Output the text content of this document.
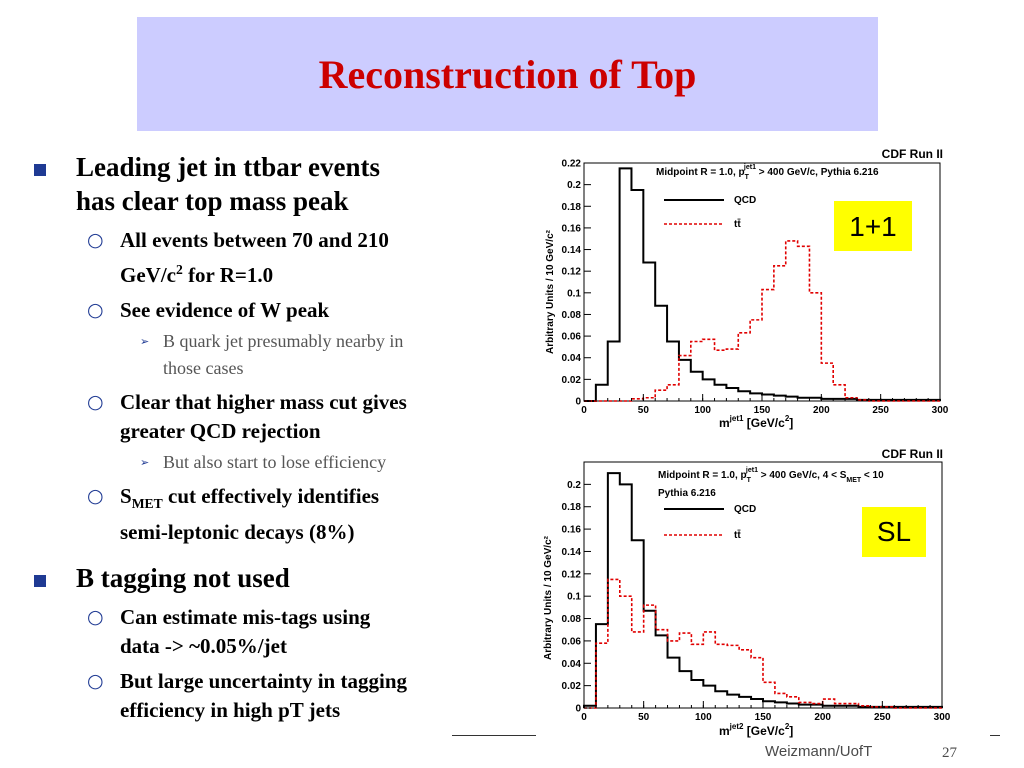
Reconstruction of Top
Leading jet in ttbar events
has clear top mass peak
○ All events between 70 and 210
GeV/$c^2$ for R=1.0
○ See evidence of W peak
➢ B quark jet presumably nearby in
those cases
○ Clear that higher mass cut gives
greater QCD rejection
➢ But also start to lose efficiency
○ $S_{MET}$ cut effectively identifies
semi-leptonic decays (8%)
B tagging not used
○ Can estimate mis-tags using
data -> ~0.05%/jet
○ But large uncertainty in tagging
efficiency in high pT jets
CDF Run II
0	50	100	150	200	250	300
0
0.02
0.04
0.06
0.08
0.1
0.12
0.14
0.16
0.18
0.2
0.22
Midpoint R = 1.0, $p_Tjet1 > 400$ GeV/c, Pythia 6.216
QCD
tt̄	1+1
$m^{jet1}$ $[GeV/c^2]$
Arbitrary Units / 10 GeV/c²
CDF Run II
0	50	100	150	200	250	300
0
0.02
0.04
0.06
0.08
0.1
0.12
0.14
0.16
0.18
0.2
Midpoint R = 1.0, $p_Tjet1 > 400$ GeV/c, $4 < S_{MET} < 10$
Pythia 6.216
QCD
tt̄	SL
$m^{jet2}$ $[GeV/c^2]$
Arbitrary Units / 10 GeV/c²
Weizmann/UofT	27
